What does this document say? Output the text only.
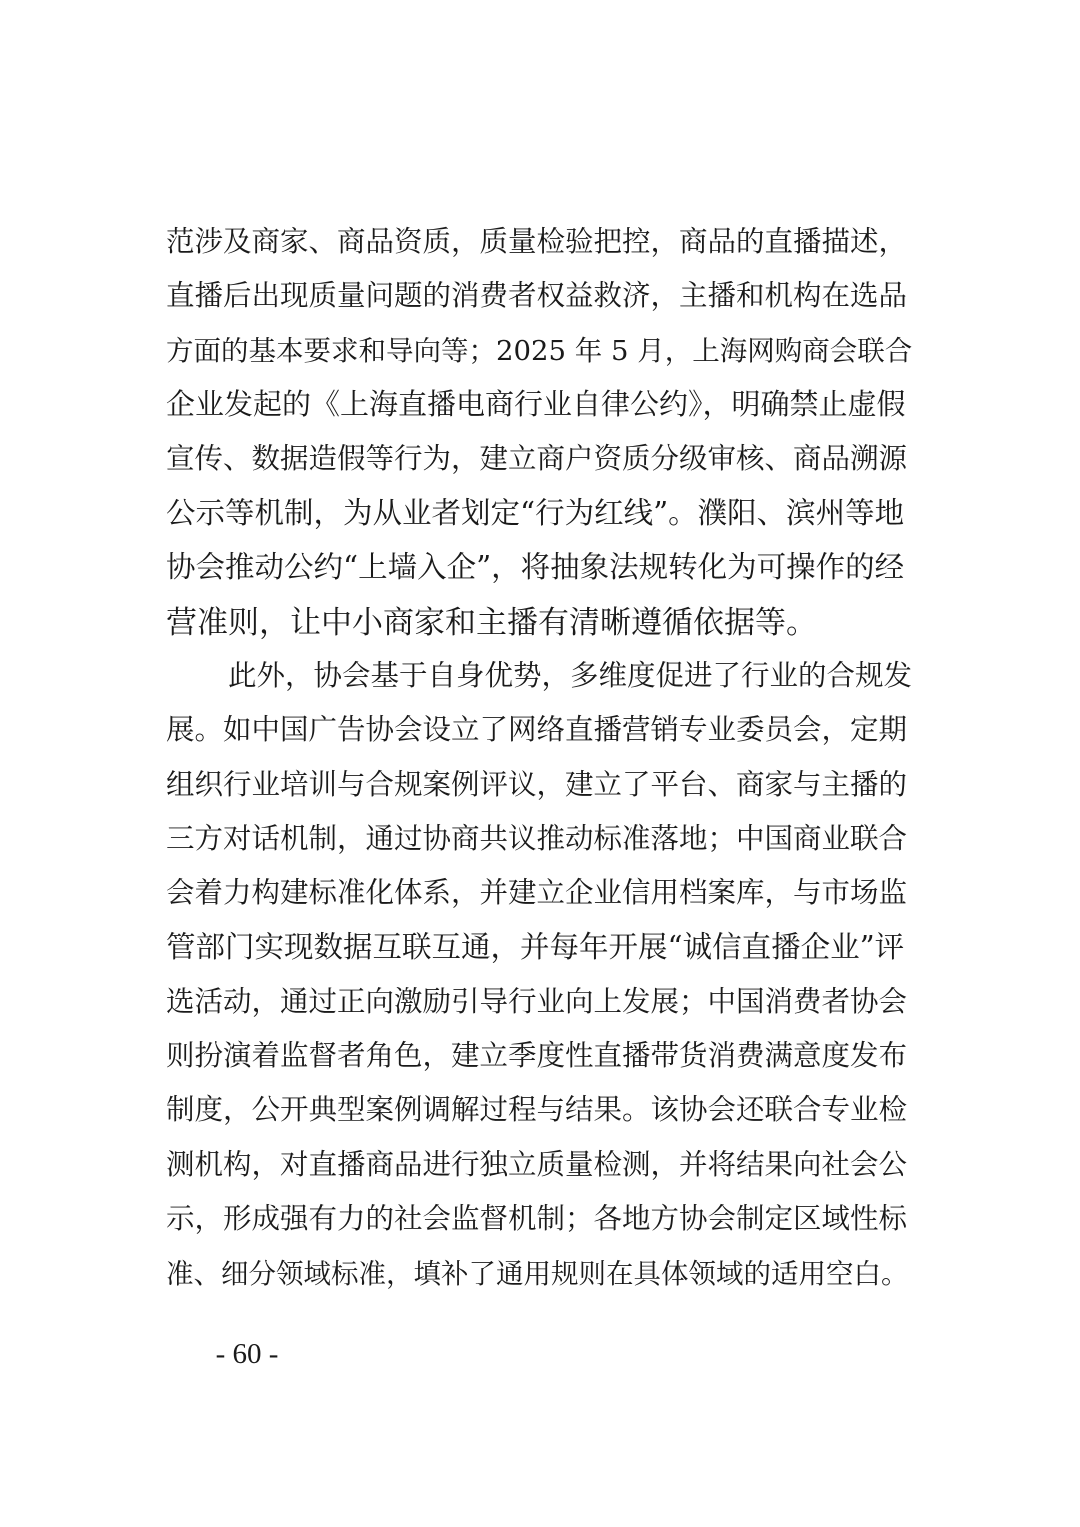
范涉及商家、商品资质，质量检验把控，商品的直播描述，
直播后出现质量问题的消费者权益救济，主播和机构在选品
方面的基本要求和导向等；2025 年 5 月，上海网购商会联合
企业发起的《上海直播电商行业自律公约》，明确禁止虚假
宣传、数据造假等行为，建立商户资质分级审核、商品溯源
公示等机制，为从业者划定“行为红线”。濮阳、滨州等地
协会推动公约“上墙入企”，将抽象法规转化为可操作的经
营准则，让中小商家和主播有清晰遵循依据等。
此外，协会基于自身优势，多维度促进了行业的合规发
展。如中国广告协会设立了网络直播营销专业委员会，定期
组织行业培训与合规案例评议，建立了平台、商家与主播的
三方对话机制，通过协商共议推动标准落地；中国商业联合
会着力构建标准化体系，并建立企业信用档案库，与市场监
管部门实现数据互联互通，并每年开展“诚信直播企业”评
选活动，通过正向激励引导行业向上发展；中国消费者协会
则扮演着监督者角色，建立季度性直播带货消费满意度发布
制度，公开典型案例调解过程与结果。该协会还联合专业检
测机构，对直播商品进行独立质量检测，并将结果向社会公
示，形成强有力的社会监督机制；各地方协会制定区域性标
准、细分领域标准，填补了通用规则在具体领域的适用空白。
- 60 -
